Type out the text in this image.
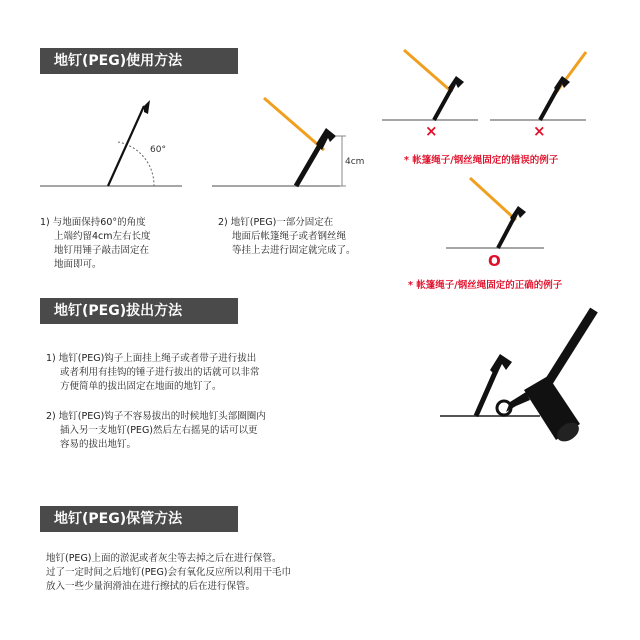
地钉(PEG)使用方法
60°
4cm
1) 与地面保持60°的角度
上端约留4cm左右长度
地钉用锤子敲击固定在
地面即可。
2) 地钉(PEG)一部分固定在
地面后帐篷绳子或者钢丝绳
等挂上去进行固定就完成了。
×	×
* 帐篷绳子/钢丝绳固定的错误的例子
O
* 帐篷绳子/钢丝绳固定的正确的例子
地钉(PEG)拔出方法
1) 地钉(PEG)钩子上面挂上绳子或者带子进行拔出
或者利用有挂钩的锤子进行拔出的话就可以非常
方便简单的拔出固定在地面的地钉了。
2) 地钉(PEG)钩子不容易拔出的时候地钉头部圈圈内
插入另一支地钉(PEG)然后左右摇晃的话可以更
容易的拔出地钉。
地钉(PEG)保管方法
地钉(PEG)上面的淤泥或者灰尘等去掉之后在进行保管。
过了一定时间之后地钉(PEG)会有氧化反应所以利用干毛巾
放入一些少量润滑油在进行擦拭的后在进行保管。
